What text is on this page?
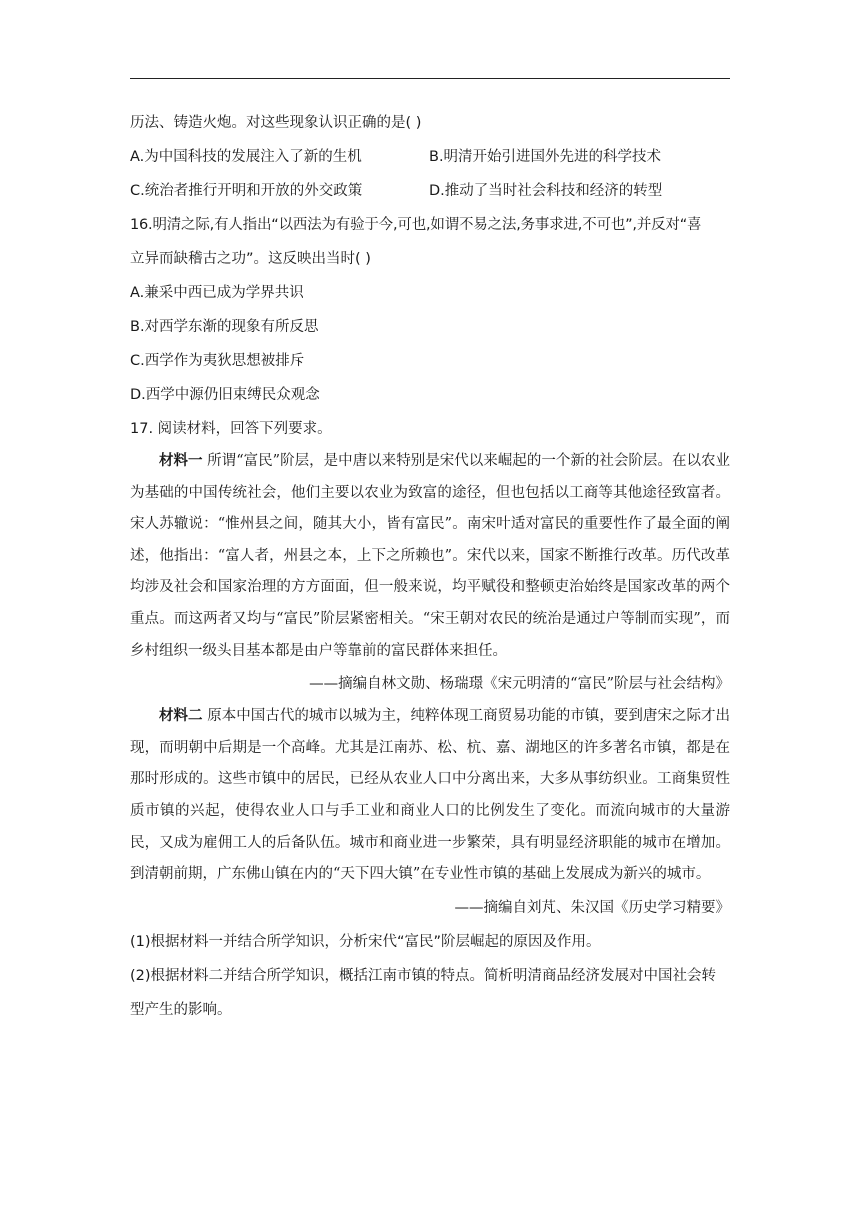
历法、铸造火炮。对这些现象认识正确的是( )
A.为中国科技的发展注入了新的生机	B.明清开始引进国外先进的科学技术
C.统治者推行开明和开放的外交政策	D.推动了当时社会科技和经济的转型
16.明清之际,有人指出“以西法为有验于今,可也,如谓不易之法,务事求进,不可也”,并反对“喜
立异而缺稽古之功”。这反映出当时( )
A.兼采中西已成为学界共识
B.对西学东渐的现象有所反思
C.西学作为夷狄思想被排斥
D.西学中源仍旧束缚民众观念
17. 阅读材料，回答下列要求。

材料一 所谓“富民”阶层，是中唐以来特别是宋代以来崛起的一个新的社会阶层。在以农业为基础的中国传统社会，他们主要以农业为致富的途径，但也包括以工商等其他途径致富者。宋人苏辙说：“惟州县之间，随其大小，皆有富民”。南宋叶适对富民的重要性作了最全面的阐述，他指出：“富人者，州县之本，上下之所赖也”。宋代以来，国家不断推行改革。历代改革均涉及社会和国家治理的方方面面，但一般来说，均平赋役和整顿吏治始终是国家改革的两个重点。而这两者又均与“富民”阶层紧密相关。“宋王朝对农民的统治是通过户等制而实现”，而乡村组织一级头目基本都是由户等靠前的富民群体来担任。

——摘编自林文勋、杨瑞璟《宋元明清的“富民”阶层与社会结构》

材料二 原本中国古代的城市以城为主，纯粹体现工商贸易功能的市镇，要到唐宋之际才出现，而明朝中后期是一个高峰。尤其是江南苏、松、杭、嘉、湖地区的许多著名市镇，都是在那时形成的。这些市镇中的居民，已经从农业人口中分离出来，大多从事纺织业。工商集贸性质市镇的兴起，使得农业人口与手工业和商业人口的比例发生了变化。而流向城市的大量游民，又成为雇佣工人的后备队伍。城市和商业进一步繁荣，具有明显经济职能的城市在增加。到清朝前期，广东佛山镇在内的“天下四大镇”在专业性市镇的基础上发展成为新兴的城市。

——摘编自刘芃、朱汉国《历史学习精要》
(1)根据材料一并结合所学知识，分析宋代“富民”阶层崛起的原因及作用。
(2)根据材料二并结合所学知识，概括江南市镇的特点。简析明清商品经济发展对中国社会转型产生的影响。
